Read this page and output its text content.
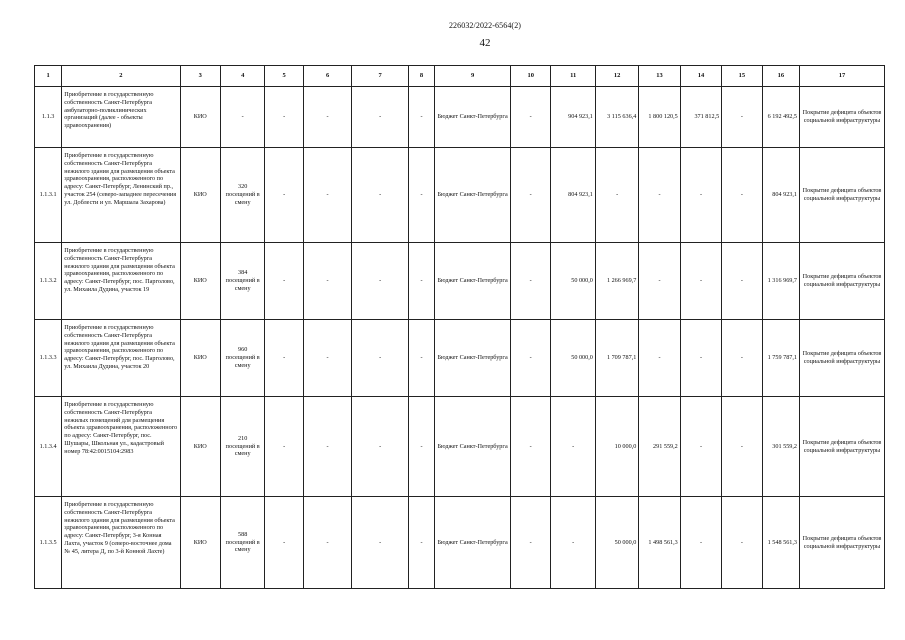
226032/2022-6564(2)
42
1	2	3	4	5	6	7	8	9	10	11	12	13	14	15	16	17
1.1.3	Приобретение в государственную собственность Санкт-Петербурга амбулаторно-поликлинических организаций (далее - объекты здравоохранения)	КИО	-	-	-	-	-	Бюджет Санкт-Петербурга	-	904 923,1	3 115 636,4	1 800 120,5	371 812,5	-	6 192 492,5	Покрытие дефицита объектов социальной инфраструктуры
1.1.3.1	Приобретение в государственную собственность Санкт-Петербурга нежилого здания для размещения объекта здравоохранения, расположенного по адресу: Санкт-Петербург, Ленинский пр., участок 254 (северо-западнее пересечения ул. Доблести и ул. Маршала Захарова)	КИО	320 посещений в смену	-	-	-	-	Бюджет Санкт-Петербурга	-	804 923,1	-	-	-	-	804 923,1	Покрытие дефицита объектов социальной инфраструктуры
1.1.3.2	Приобретение в государственную собственность Санкт-Петербурга нежилого здания для размещения объекта здравоохранения, расположенного по адресу: Санкт-Петербург, пос. Парголово, ул. Михаила Дудина, участок 19	КИО	384 посещений в смену	-	-	-	-	Бюджет Санкт-Петербурга	-	50 000,0	1 266 969,7	-	-	-	1 316 969,7	Покрытие дефицита объектов социальной инфраструктуры
1.1.3.3	Приобретение в государственную собственность Санкт-Петербурга нежилого здания для размещения объекта здравоохранения, расположенного по адресу: Санкт-Петербург, пос. Парголово, ул. Михаила Дудина, участок 20	КИО	960 посещений в смену	-	-	-	-	Бюджет Санкт-Петербурга	-	50 000,0	1 709 787,1	-	-	-	1 759 787,1	Покрытие дефицита объектов социальной инфраструктуры
1.1.3.4	Приобретение в государственную собственность Санкт-Петербурга нежилых помещений для размещения объекта здравоохранения, расположенного по адресу: Санкт-Петербург, пос. Шушары, Школьная ул., кадастровый номер 78:42:0015104:2983	КИО	210 посещений в смену	-	-	-	-	Бюджет Санкт-Петербурга	-	-	10 000,0	291 559,2	-	-	301 559,2	Покрытие дефицита объектов социальной инфраструктуры
1.1.3.5	Приобретение в государственную собственность Санкт-Петербурга нежилого здания для размещения объекта здравоохранения, расположенного по адресу: Санкт-Петербург, 3-я Конная Лахта, участок 9 (северо-восточнее дома № 45, литера Д, по 3-й Конной Лахте)	КИО	588 посещений в смену	-	-	-	-	Бюджет Санкт-Петербурга	-	-	50 000,0	1 498 561,3	-	-	1 548 561,3	Покрытие дефицита объектов социальной инфраструктуры
